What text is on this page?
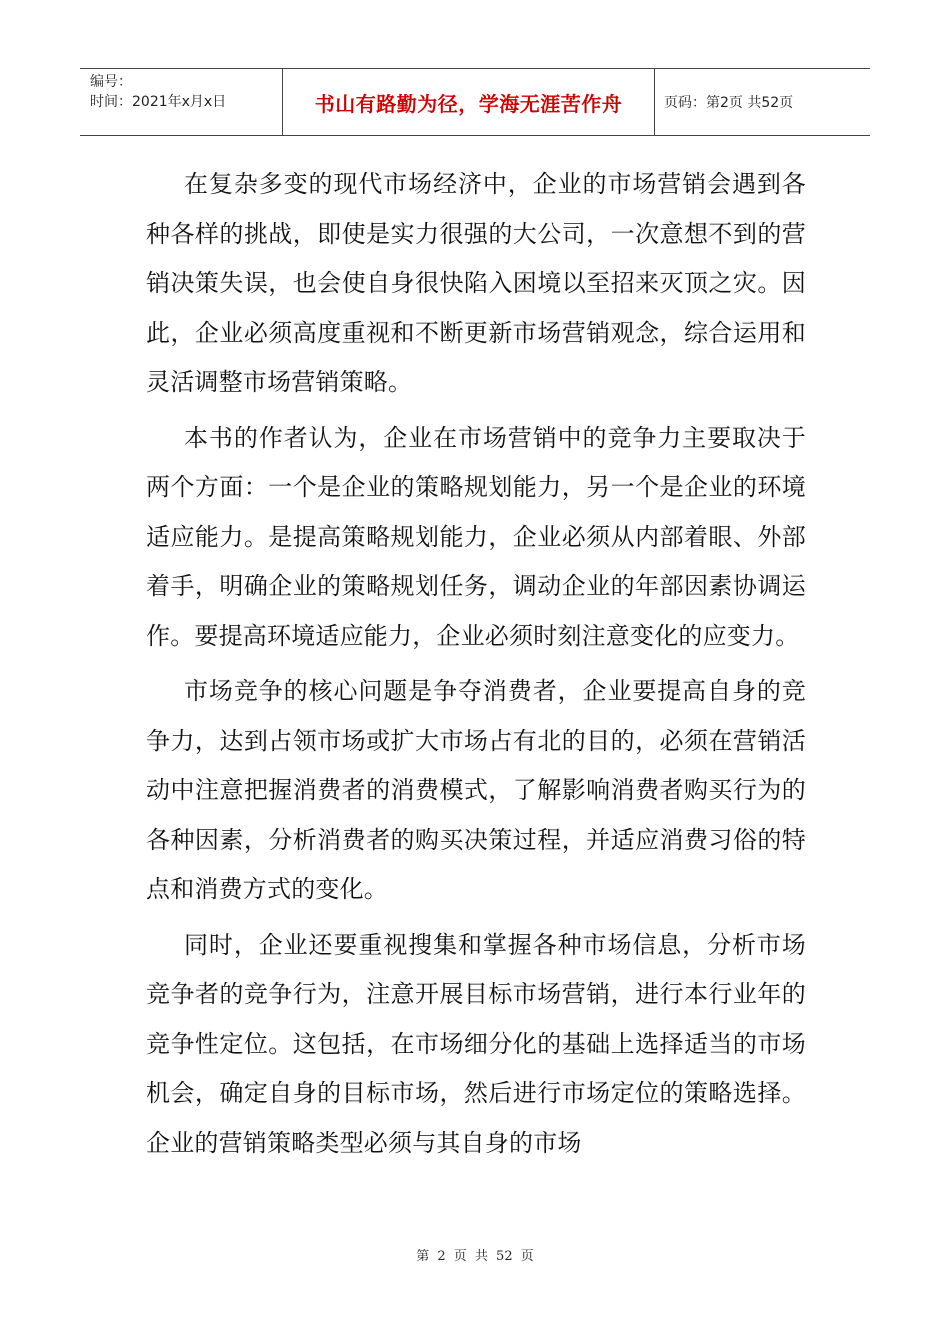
编号：
时间：2021年x月x日	书山有路勤为径，学海无涯苦作舟	页码：第2页 共52页

在复杂多变的现代市场经济中，企业的市场营销会遇到各种各样的挑战，即使是实力很强的大公司，一次意想不到的营销决策失误，也会使自身很快陷入困境以至招来灭顶之灾。因此，企业必须高度重视和不断更新市场营销观念，综合运用和灵活调整市场营销策略。

本书的作者认为，企业在市场营销中的竞争力主要取决于两个方面：一个是企业的策略规划能力，另一个是企业的环境适应能力。是提高策略规划能力，企业必须从内部着眼、外部着手，明确企业的策略规划任务，调动企业的年部因素协调运作。要提高环境适应能力，企业必须时刻注意变化的应变力。

市场竞争的核心问题是争夺消费者，企业要提高自身的竞争力，达到占领市场或扩大市场占有北的目的，必须在营销活动中注意把握消费者的消费模式，了解影响消费者购买行为的各种因素，分析消费者的购买决策过程，并适应消费习俗的特点和消费方式的变化。

同时，企业还要重视搜集和掌握各种市场信息，分析市场竞争者的竞争行为，注意开展目标市场营销，进行本行业年的竞争性定位。这包括，在市场细分化的基础上选择适当的市场机会，确定自身的目标市场，然后进行市场定位的策略选择。企业的营销策略类型必须与其自身的市场

第 2 页 共 52 页
